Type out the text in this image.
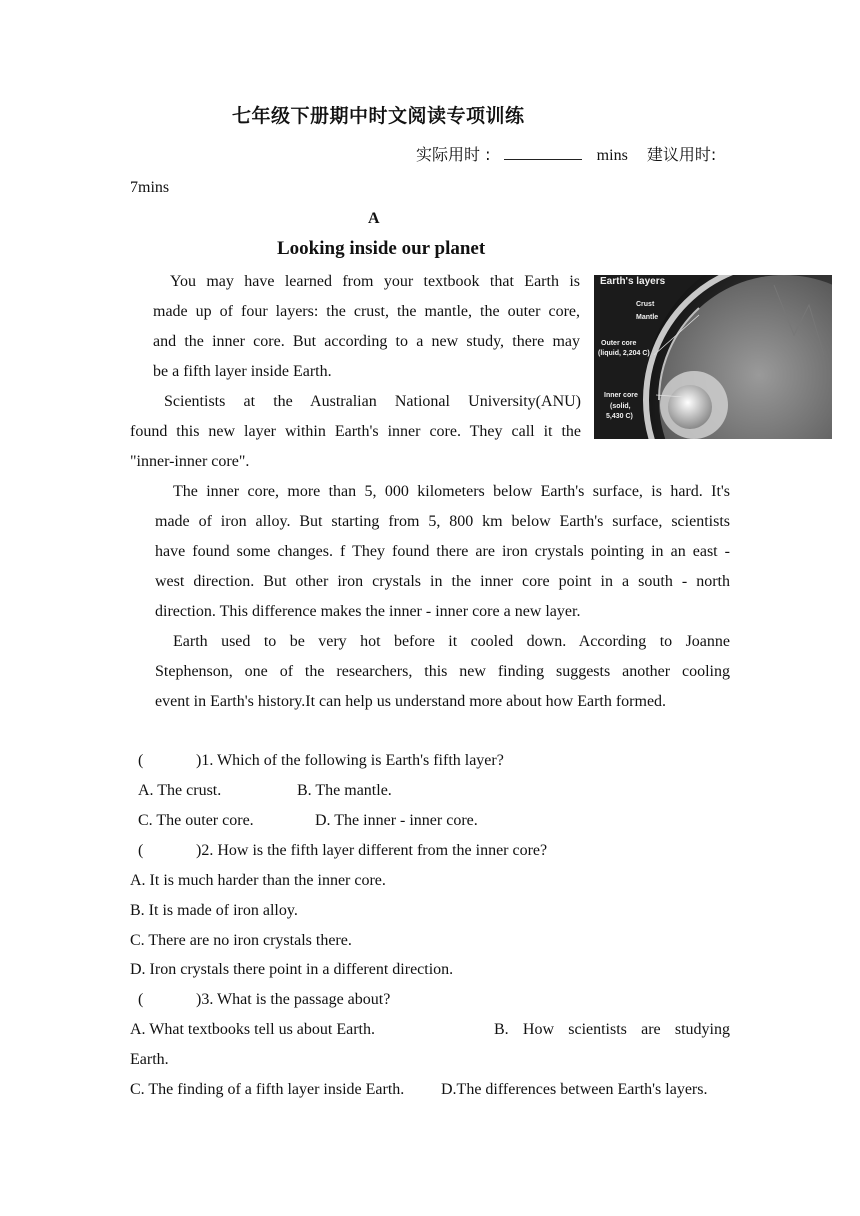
七年级下册期中时文阅读专项训练
实际用时 :	mins 建议用时:
7mins
A
Looking inside our planet
You may have learned from your textbook that Earth is
made up of four layers: the crust, the mantle, the outer core,
and the inner core. But according to a new study, there may
be a fifth layer inside Earth.
Scientists at the Australian National University(ANU)
found this new layer within Earth's inner core. They call it the
"inner-inner core".
The inner core, more than 5, 000 kilometers below Earth's surface, is hard. It's
made of iron alloy. But starting from 5, 800 km below Earth's surface, scientists
have found some changes. f They found there are iron crystals pointing in an east -
west direction. But other iron crystals in the inner core point in a south - north
direction. This difference makes the inner - inner core a new layer.
Earth used to be very hot before it cooled down. According to Joanne
Stephenson, one of the researchers, this new finding suggests another cooling
event in Earth's history.It can help us understand more about how Earth formed.
Earth's layers
Crust
Mantle
Outer core
(liquid, 2,204 C)
Inner core
(solid,
5,430 C)
(	)1. Which of the following is Earth's fifth layer?
A. The crust.	B. The mantle.
C. The outer core.	D. The inner - inner core.
(	)2. How is the fifth layer different from the inner core?
A. It is much harder than the inner core.
B. It is made of iron alloy.
C. There are no iron crystals there.
D. Iron crystals there point in a different direction.
(	)3. What is the passage about?
A. What textbooks tell us about Earth.	B. How scientists are studying
Earth.
C. The finding of a fifth layer inside Earth. D.The differences between Earth's layers.
